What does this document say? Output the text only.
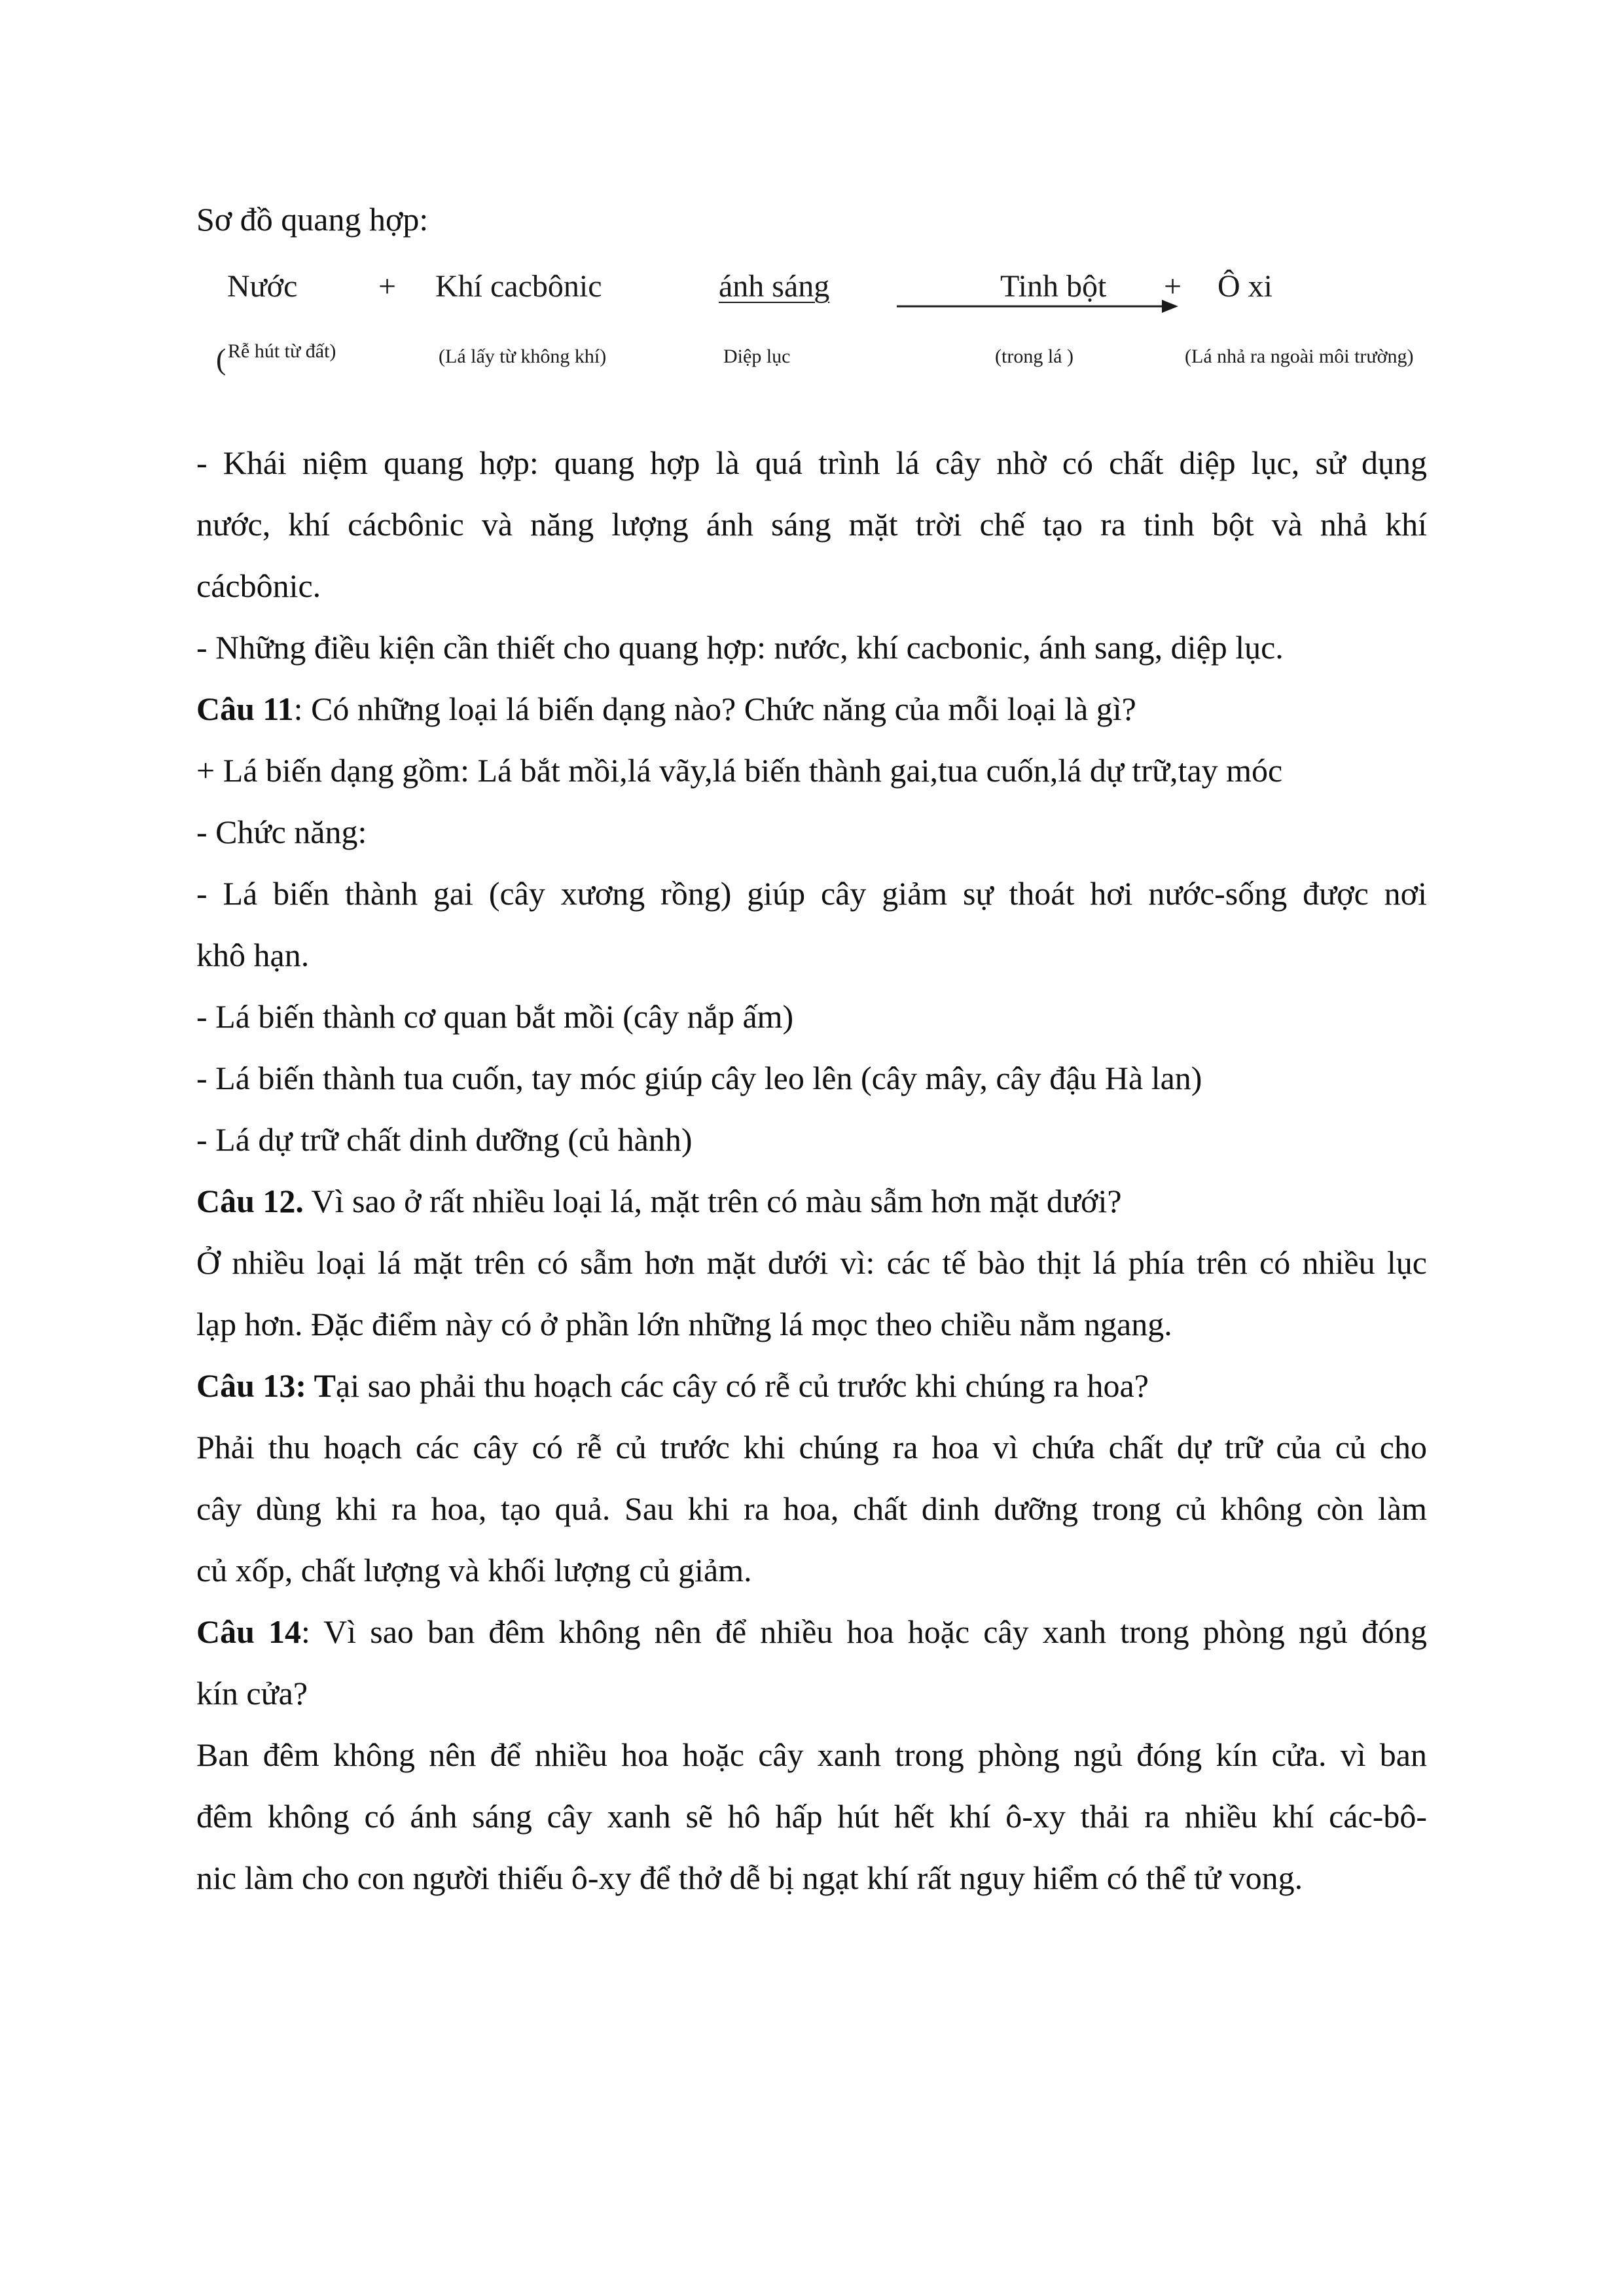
Sơ đồ quang hợp:
Nước	+ Khí cacbônic	ánh sáng	Tinh bột + Ô xi
( Rễ hút từ đất)	(Lá lấy từ không khí)	Diệp lục	(trong lá )	(Lá nhả ra ngoài môi trường)
- Khái niệm quang hợp: quang hợp là quá trình lá cây nhờ có chất diệp lục, sử dụng
nước, khí cácbônic và năng lượng ánh sáng mặt trời chế tạo ra tinh bột và nhả khí
cácbônic.
- Những điều kiện cần thiết cho quang hợp: nước, khí cacbonic, ánh sang, diệp lục.
Câu 11: Có những loại lá biến dạng nào? Chức năng của mỗi loại là gì?
+ Lá biến dạng gồm: Lá bắt mồi,lá vãy,lá biến thành gai,tua cuốn,lá dự trữ,tay móc
- Chức năng:
- Lá biến thành gai (cây xương rồng) giúp cây giảm sự thoát hơi nước-sống được nơi
khô hạn.
- Lá biến thành cơ quan bắt mồi (cây nắp ấm)
- Lá biến thành tua cuốn, tay móc giúp cây leo lên (cây mây, cây đậu Hà lan)
- Lá dự trữ chất dinh dưỡng (củ hành)
Câu 12. Vì sao ở rất nhiều loại lá, mặt trên có màu sẫm hơn mặt dưới?
Ở nhiều loại lá mặt trên có sẫm hơn mặt dưới vì: các tế bào thịt lá phía trên có nhiều lục
lạp hơn. Đặc điểm này có ở phần lớn những lá mọc theo chiều nằm ngang.
Câu 13: Tại sao phải thu hoạch các cây có rễ củ trước khi chúng ra hoa?
Phải thu hoạch các cây có rễ củ trước khi chúng ra hoa vì chứa chất dự trữ của củ cho
cây dùng khi ra hoa, tạo quả. Sau khi ra hoa, chất dinh dưỡng trong củ không còn làm
củ xốp, chất lượng và khối lượng củ giảm.
Câu 14: Vì sao ban đêm không nên để nhiều hoa hoặc cây xanh trong phòng ngủ đóng
kín cửa?
Ban đêm không nên để nhiều hoa hoặc cây xanh trong phòng ngủ đóng kín cửa. vì ban
đêm không có ánh sáng cây xanh sẽ hô hấp hút hết khí ô-xy thải ra nhiều khí các-bô-
nic làm cho con người thiếu ô-xy để thở dễ bị ngạt khí rất nguy hiểm có thể tử vong.
